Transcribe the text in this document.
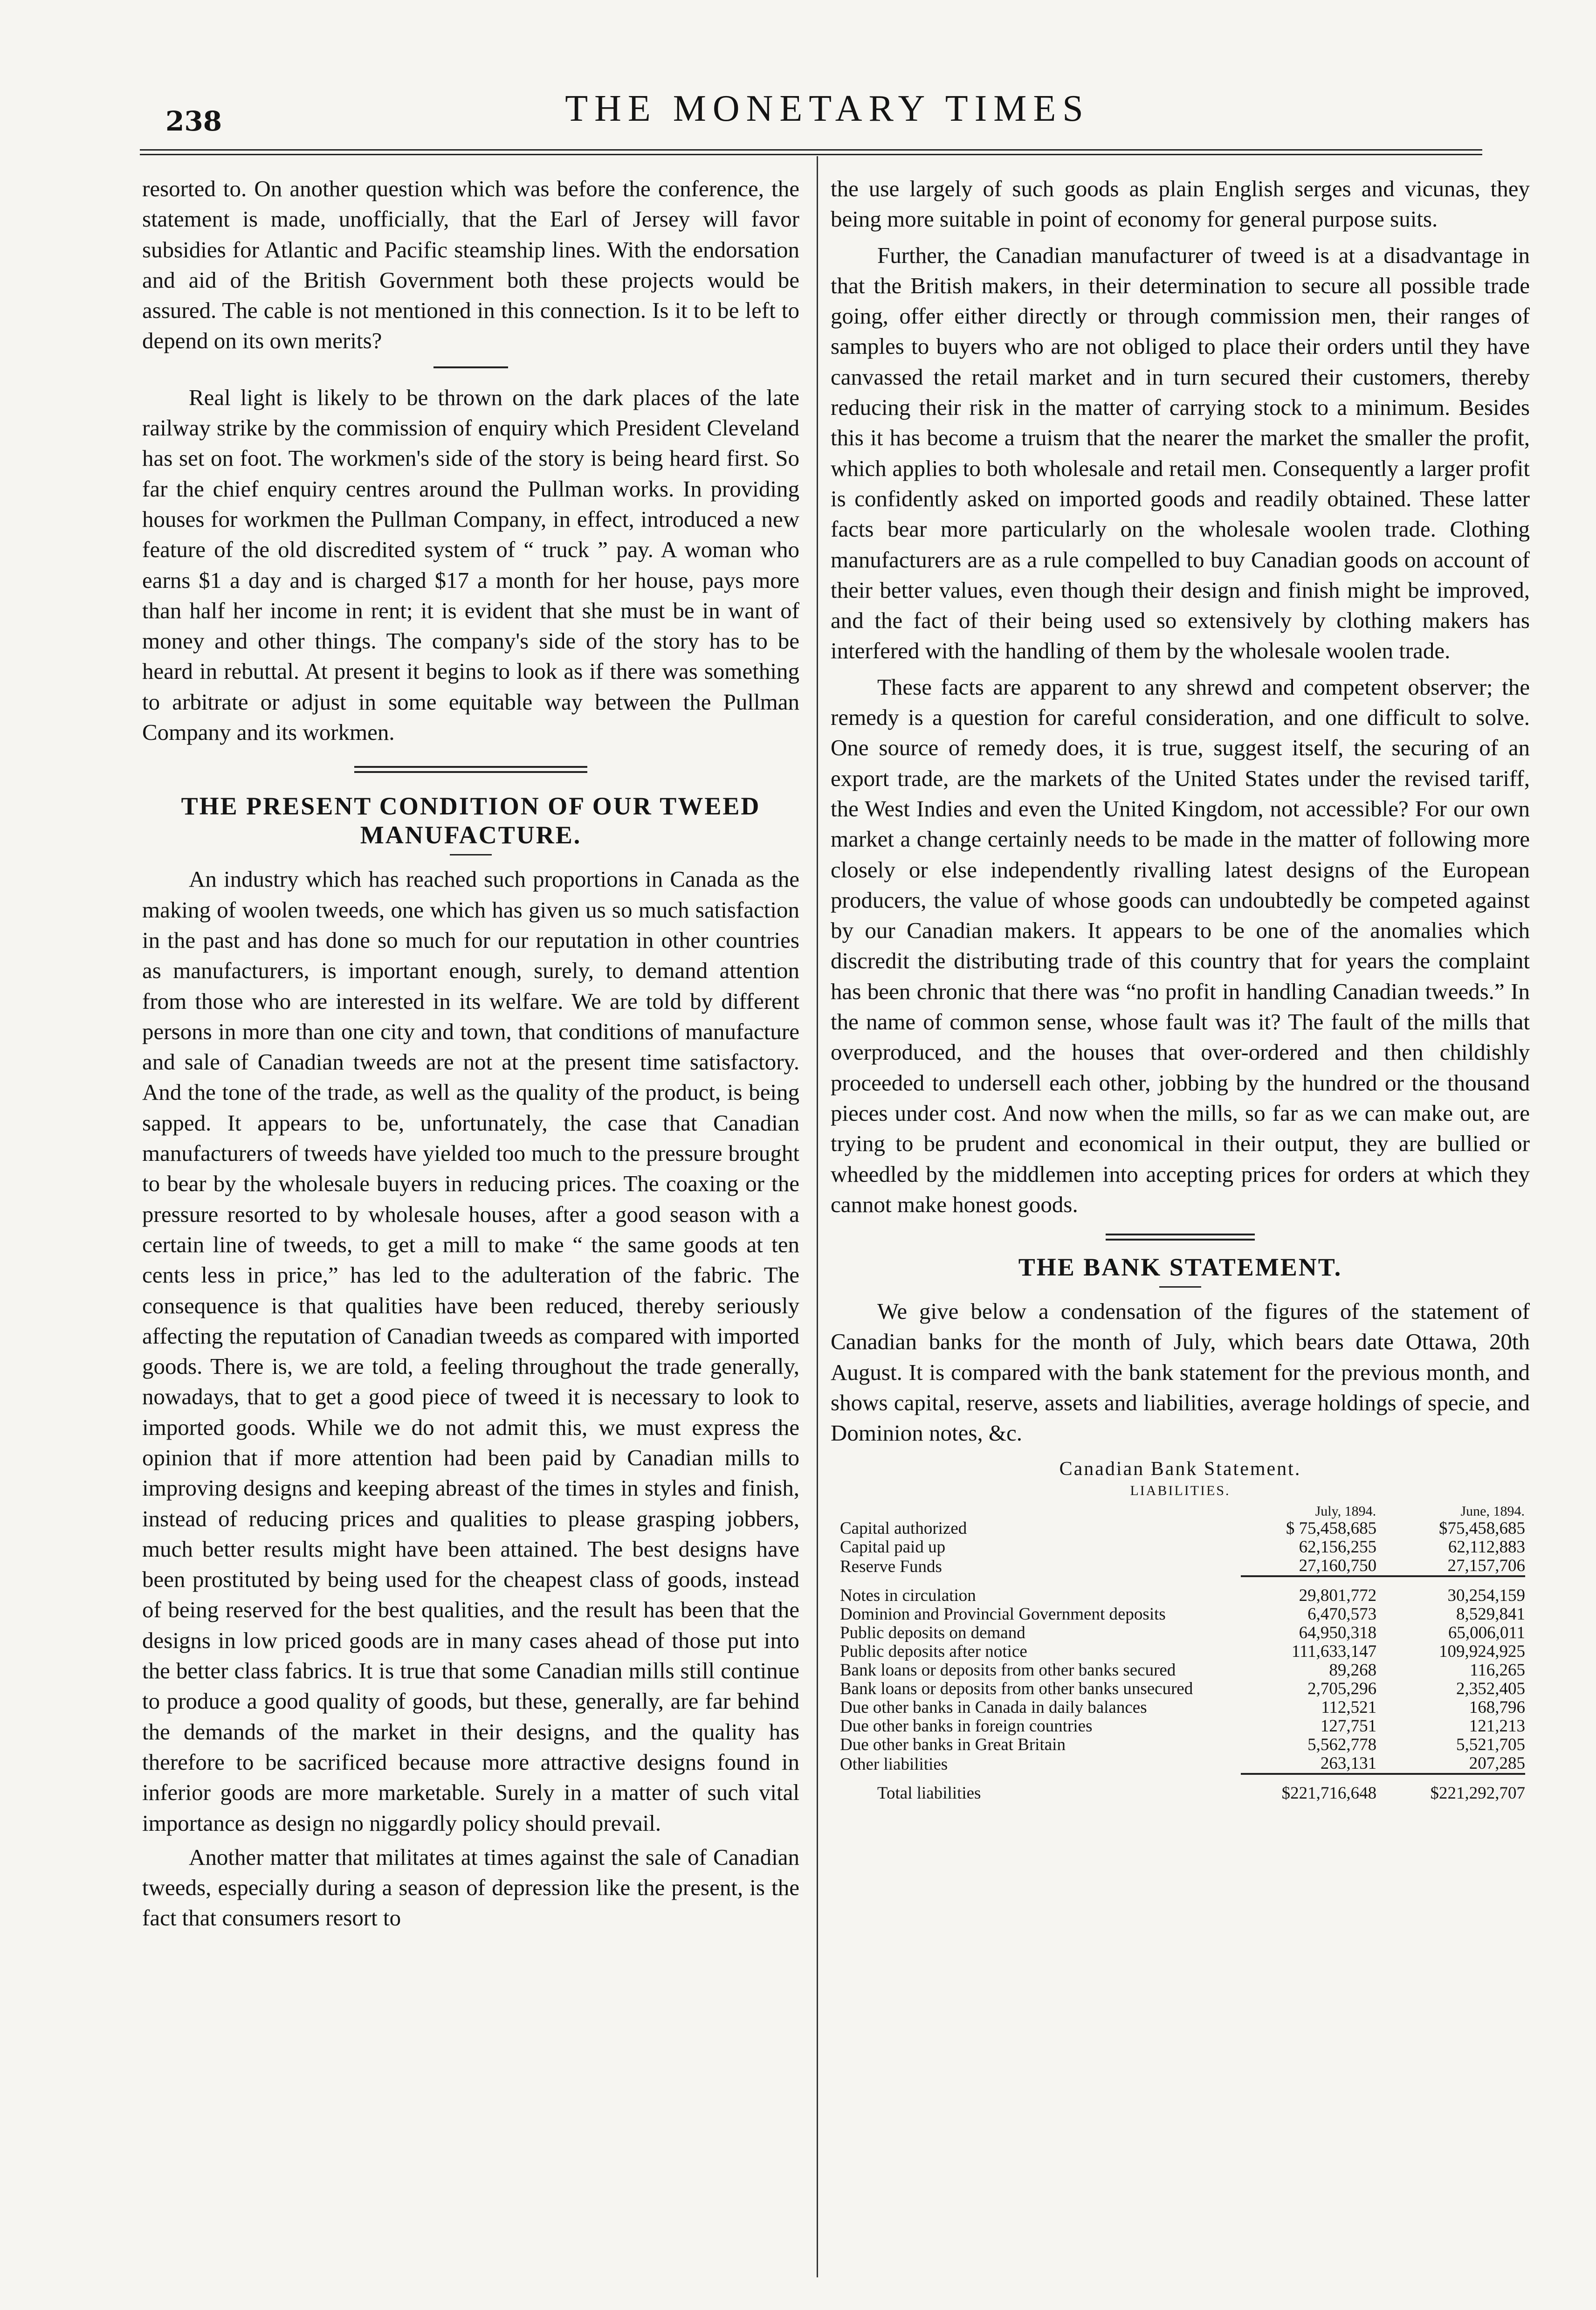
238	THE MONETARY TIMES

resorted to. On another question which was before the conference, the statement is made, unofficially, that the Earl of Jersey will favor subsidies for Atlantic and Pacific steamship lines. With the endorsation and aid of the British Government both these projects would be assured. The cable is not mentioned in this connection. Is it to be left to depend on its own merits?

Real light is likely to be thrown on the dark places of the late railway strike by the commission of enquiry which President Cleveland has set on foot. The workmen's side of the story is being heard first. So far the chief enquiry centres around the Pullman works. In providing houses for workmen the Pullman Company, in effect, introduced a new feature of the old discredited system of “ truck ” pay. A woman who earns $1 a day and is charged $17 a month for her house, pays more than half her income in rent; it is evident that she must be in want of money and other things. The company's side of the story has to be heard in rebuttal. At present it begins to look as if there was something to arbitrate or adjust in some equitable way between the Pullman Company and its workmen.

THE PRESENT CONDITION OF OUR TWEED MANUFACTURE.

An industry which has reached such proportions in Canada as the making of woolen tweeds, one which has given us so much satisfaction in the past and has done so much for our reputation in other countries as manufacturers, is important enough, surely, to demand attention from those who are interested in its welfare. We are told by different persons in more than one city and town, that conditions of manufacture and sale of Canadian tweeds are not at the present time satisfactory. And the tone of the trade, as well as the quality of the product, is being sapped. It appears to be, unfortunately, the case that Canadian manufacturers of tweeds have yielded too much to the pressure brought to bear by the wholesale buyers in reducing prices. The coaxing or the pressure resorted to by wholesale houses, after a good season with a certain line of tweeds, to get a mill to make “ the same goods at ten cents less in price,” has led to the adulteration of the fabric. The consequence is that qualities have been reduced, thereby seriously affecting the reputation of Canadian tweeds as compared with imported goods. There is, we are told, a feeling throughout the trade generally, nowadays, that to get a good piece of tweed it is necessary to look to imported goods. While we do not admit this, we must express the opinion that if more attention had been paid by Canadian mills to improving designs and keeping abreast of the times in styles and finish, instead of reducing prices and qualities to please grasping jobbers, much better results might have been attained. The best designs have been prostituted by being used for the cheapest class of goods, instead of being reserved for the best qualities, and the result has been that the designs in low priced goods are in many cases ahead of those put into the better class fabrics. It is true that some Canadian mills still continue to produce a good quality of goods, but these, generally, are far behind the demands of the market in their designs, and the quality has therefore to be sacrificed because more attractive designs found in inferior goods are more marketable. Surely in a matter of such vital importance as design no niggardly policy should prevail.

Another matter that militates at times against the sale of Canadian tweeds, especially during a season of depression like the present, is the fact that consumers resort to

the use largely of such goods as plain English serges and vicunas, they being more suitable in point of economy for general purpose suits.

Further, the Canadian manufacturer of tweed is at a disadvantage in that the British makers, in their determination to secure all possible trade going, offer either directly or through commission men, their ranges of samples to buyers who are not obliged to place their orders until they have canvassed the retail market and in turn secured their customers, thereby reducing their risk in the matter of carrying stock to a minimum. Besides this it has become a truism that the nearer the market the smaller the profit, which applies to both wholesale and retail men. Consequently a larger profit is confidently asked on imported goods and readily obtained. These latter facts bear more particularly on the wholesale woolen trade. Clothing manufacturers are as a rule compelled to buy Canadian goods on account of their better values, even though their design and finish might be improved, and the fact of their being used so extensively by clothing makers has interfered with the handling of them by the wholesale woolen trade.

These facts are apparent to any shrewd and competent observer; the remedy is a question for careful consideration, and one difficult to solve. One source of remedy does, it is true, suggest itself, the securing of an export trade, are the markets of the United States under the revised tariff, the West Indies and even the United Kingdom, not accessible? For our own market a change certainly needs to be made in the matter of following more closely or else independently rivalling latest designs of the European producers, the value of whose goods can undoubtedly be competed against by our Canadian makers. It appears to be one of the anomalies which discredit the distributing trade of this country that for years the complaint has been chronic that there was “no profit in handling Canadian tweeds.” In the name of common sense, whose fault was it? The fault of the mills that overproduced, and the houses that over-ordered and then childishly proceeded to undersell each other, jobbing by the hundred or the thousand pieces under cost. And now when the mills, so far as we can make out, are trying to be prudent and economical in their output, they are bullied or wheedled by the middlemen into accepting prices for orders at which they cannot make honest goods.

THE BANK STATEMENT.

We give below a condensation of the figures of the statement of Canadian banks for the month of July, which bears date Ottawa, 20th August. It is compared with the bank statement for the previous month, and shows capital, reserve, assets and liabilities, average holdings of specie, and Dominion notes, &c.

Canadian Bank Statement.
LIABILITIES.
	July, 1894.	June, 1894.
Capital authorized	$ 75,458,685	$75,458,685
Capital paid up	62,156,255	62,112,883
Reserve Funds	27,160,750	27,157,706

Notes in circulation	29,801,772	30,254,159
Dominion and Provincial Government deposits	6,470,573	8,529,841
Public deposits on demand	64,950,318	65,006,011
Public deposits after notice	111,633,147	109,924,925
Bank loans or deposits from other banks secured	89,268	116,265
Bank loans or deposits from other banks unsecured	2,705,296	2,352,405
Due other banks in Canada in daily balances	112,521	168,796
Due other banks in foreign countries	127,751	121,213
Due other banks in Great Britain	5,562,778	5,521,705
Other liabilities	263,131	207,285

Total liabilities	$221,716,648	$221,292,707
